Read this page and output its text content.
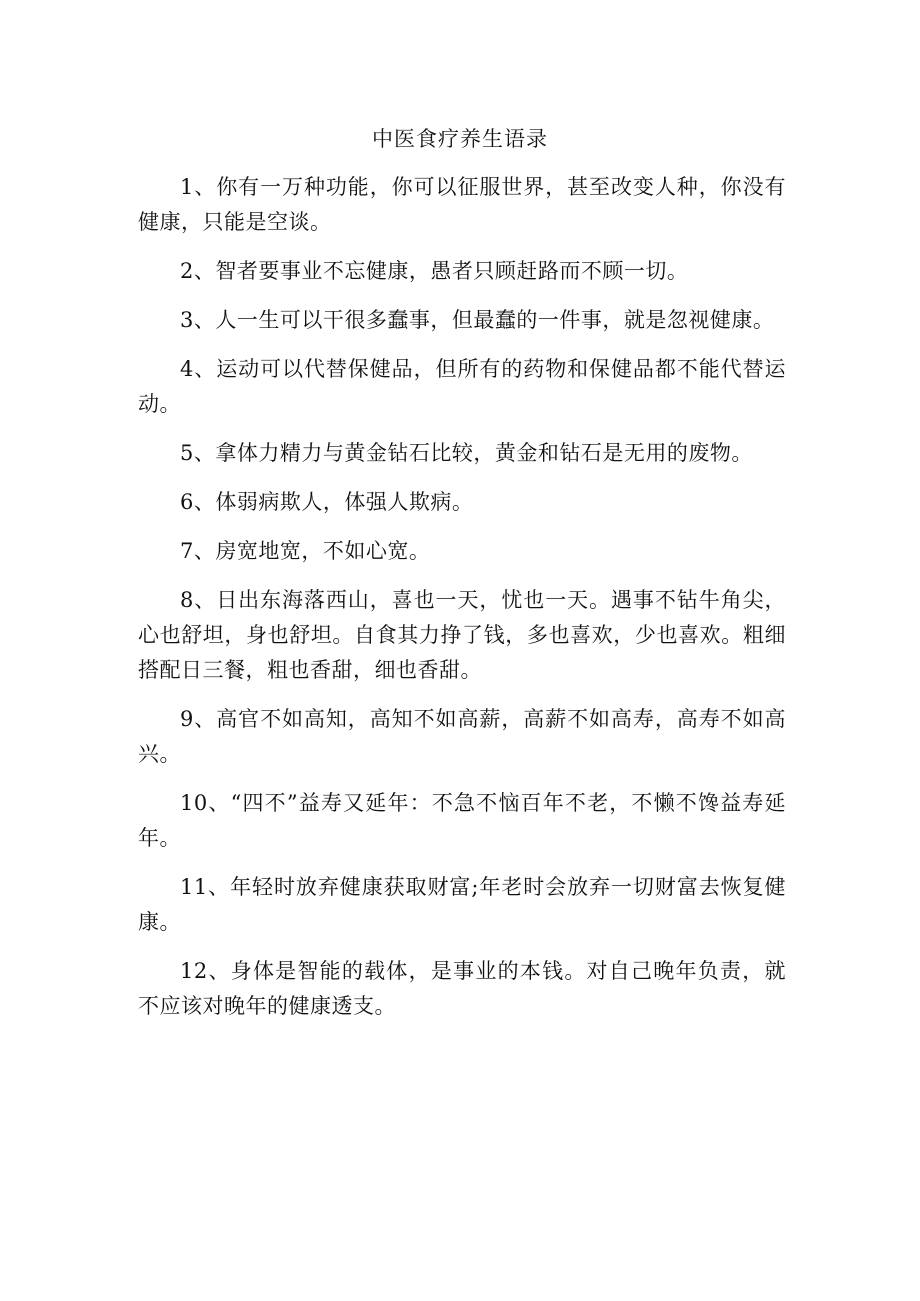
中医食疗养生语录

1、你有一万种功能，你可以征服世界，甚至改变人种，你没有健康，只能是空谈。

2、智者要事业不忘健康，愚者只顾赶路而不顾一切。

3、人一生可以干很多蠢事，但最蠢的一件事，就是忽视健康。

4、运动可以代替保健品，但所有的药物和保健品都不能代替运动。

5、拿体力精力与黄金钻石比较，黄金和钻石是无用的废物。

6、体弱病欺人，体强人欺病。

7、房宽地宽，不如心宽。

8、日出东海落西山，喜也一天，忧也一天。遇事不钻牛角尖，心也舒坦，身也舒坦。自食其力挣了钱，多也喜欢，少也喜欢。粗细搭配日三餐，粗也香甜，细也香甜。

9、高官不如高知，高知不如高薪，高薪不如高寿，高寿不如高兴。

10、“四不”益寿又延年：不急不恼百年不老，不懒不馋益寿延年。

11、年轻时放弃健康获取财富;年老时会放弃一切财富去恢复健康。

12、身体是智能的载体，是事业的本钱。对自己晚年负责，就不应该对晚年的健康透支。
